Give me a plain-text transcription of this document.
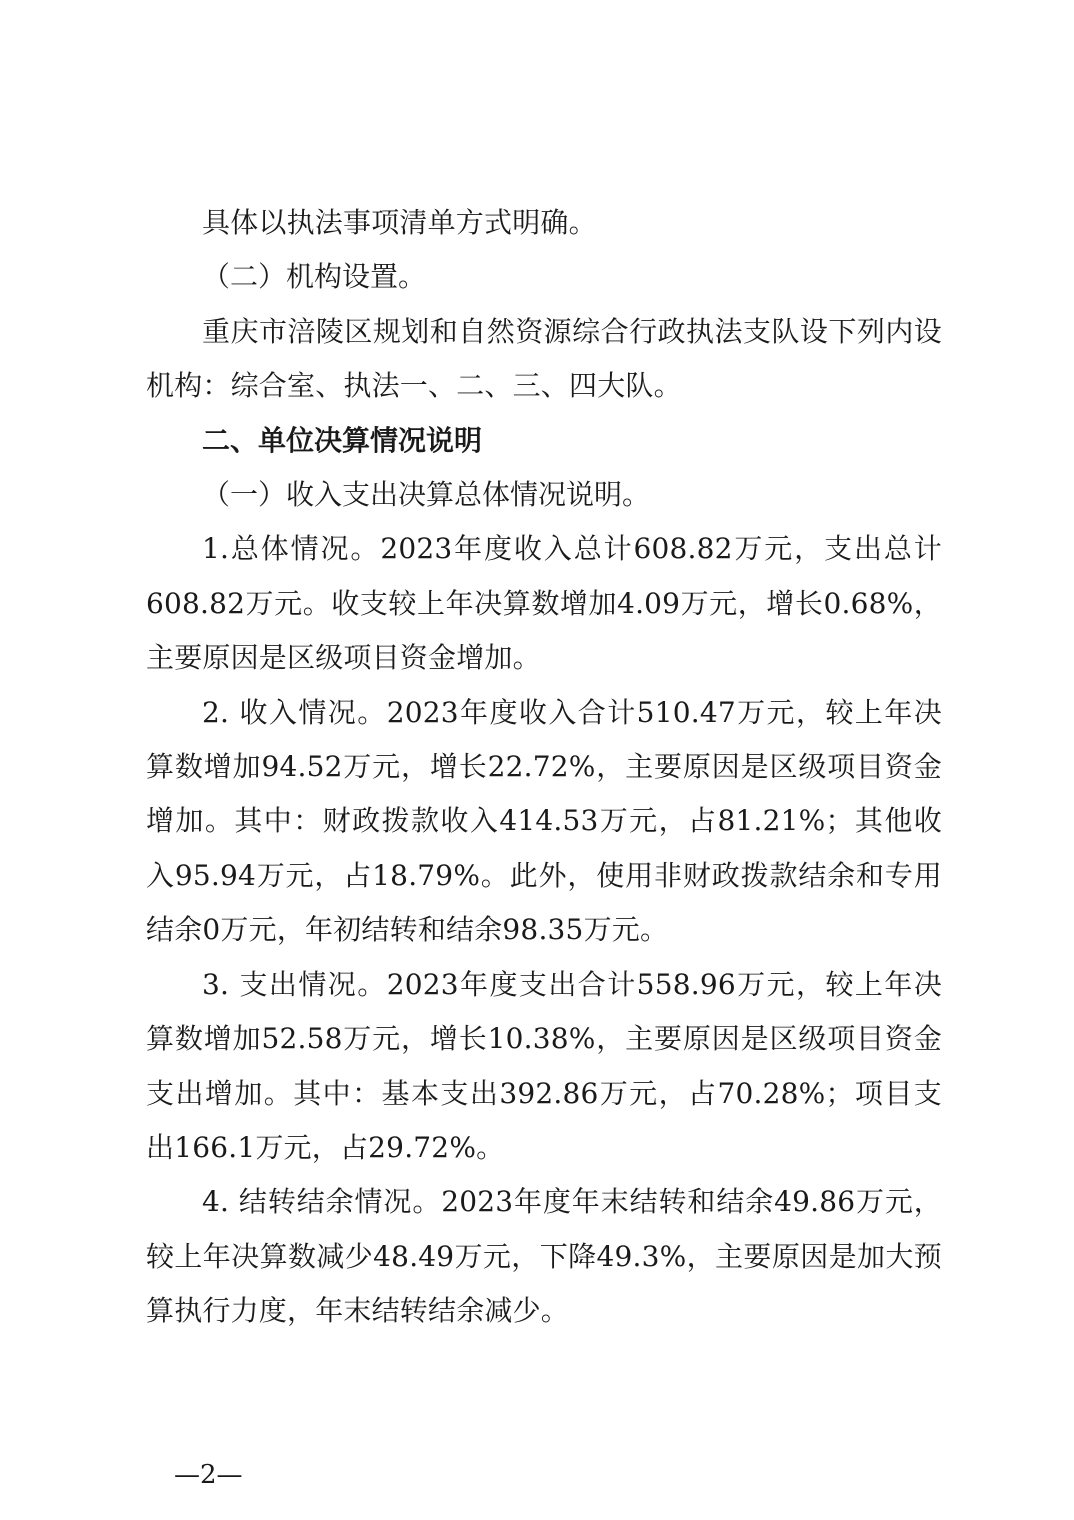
具体以执法事项清单方式明确。

（二）机构设置。

重庆市涪陵区规划和自然资源综合行政执法支队设下列内设机构：综合室、执法一、二、三、四大队。

二、单位决算情况说明

（一）收入支出决算总体情况说明。

1.总体情况。2023年度收入总计608.82万元，支出总计608.82万元。收支较上年决算数增加4.09万元，增长0.68%，主要原因是区级项目资金增加。

2. 收入情况。2023年度收入合计510.47万元，较上年决算数增加94.52万元，增长22.72%，主要原因是区级项目资金增加。其中：财政拨款收入414.53万元，占81.21%；其他收入95.94万元，占18.79%。此外，使用非财政拨款结余和专用结余0万元，年初结转和结余98.35万元。

3. 支出情况。2023年度支出合计558.96万元，较上年决算数增加52.58万元，增长10.38%，主要原因是区级项目资金支出增加。其中：基本支出392.86万元，占70.28%；项目支出166.1万元，占29.72%。

4. 结转结余情况。2023年度年末结转和结余49.86万元，较上年决算数减少48.49万元，下降49.3%，主要原因是加大预算执行力度，年末结转结余减少。

—2—
